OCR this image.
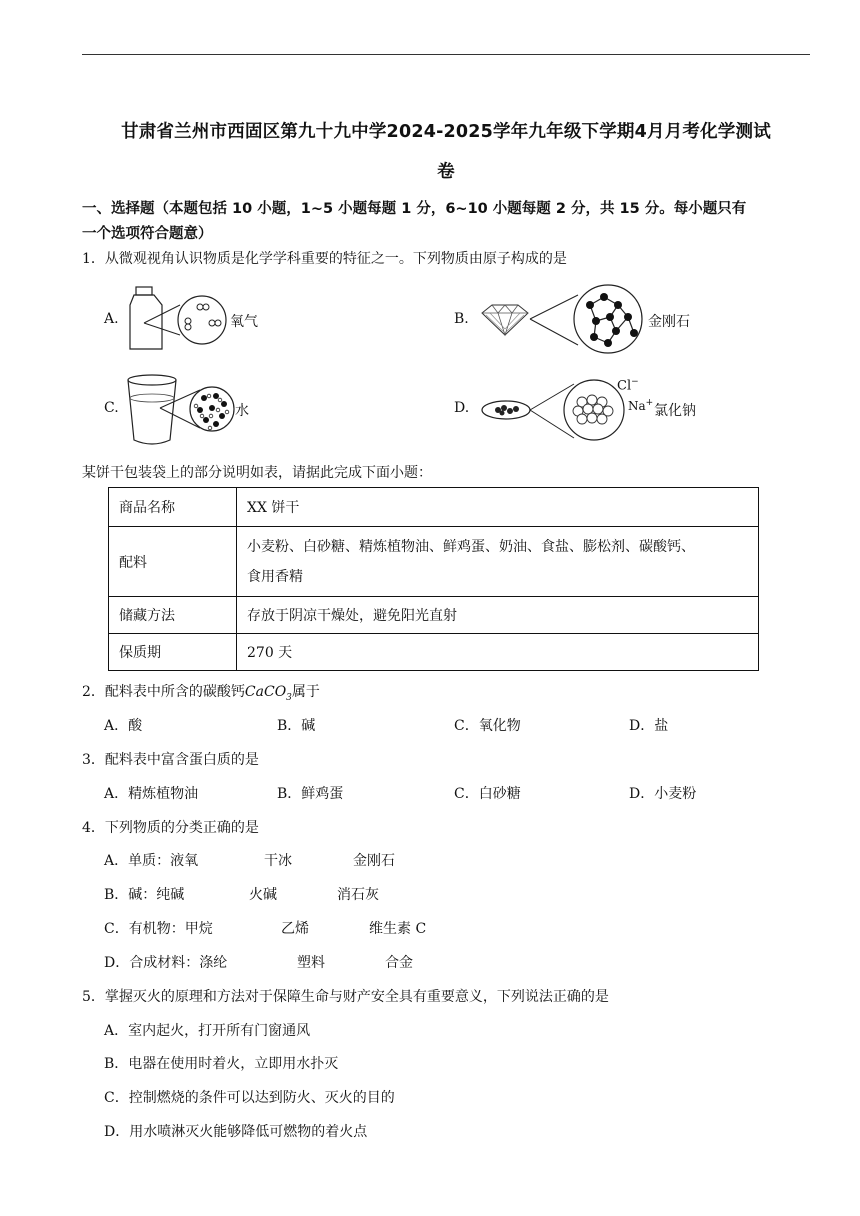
甘肃省兰州市西固区第九十九中学2024-2025学年九年级下学期4月月考化学测试
卷
一、选择题（本题包括 10 小题，1~5 小题每题 1 分，6~10 小题每题 2 分，共 15 分。每小题只有
一个选项符合题意）
1．从微观视角认识物质是化学学科重要的特征之一。下列物质由原子构成的是
A.	氧气	B.	金刚石
C.	水	D.
Cl−
Na+ 氯化钠
某饼干包装袋上的部分说明如表，请据此完成下面小题：
商品名称	XX 饼干
配料	小麦粉、白砂糖、精炼植物油、鲜鸡蛋、奶油、食盐、膨松剂、碳酸钙、
食用香精

储藏方法	存放于阴凉干燥处，避免阳光直射
保质期	270 天
2．配料表中所含的碳酸钙CaCO$_3$属于
A．酸	B．碱	C．氧化物	D．盐
3．配料表中富含蛋白质的是
A．精炼植物油	B．鲜鸡蛋	C．白砂糖	D．小麦粉
4．下列物质的分类正确的是
A．单质：液氧	干冰	金刚石
B．碱：纯碱	火碱	消石灰
C．有机物：甲烷	乙烯	维生素 C
D．合成材料：涤纶	塑料	合金
5．掌握灭火的原理和方法对于保障生命与财产安全具有重要意义，下列说法正确的是
A．室内起火，打开所有门窗通风
B．电器在使用时着火，立即用水扑灭
C．控制燃烧的条件可以达到防火、灭火的目的
D．用水喷淋灭火能够降低可燃物的着火点
